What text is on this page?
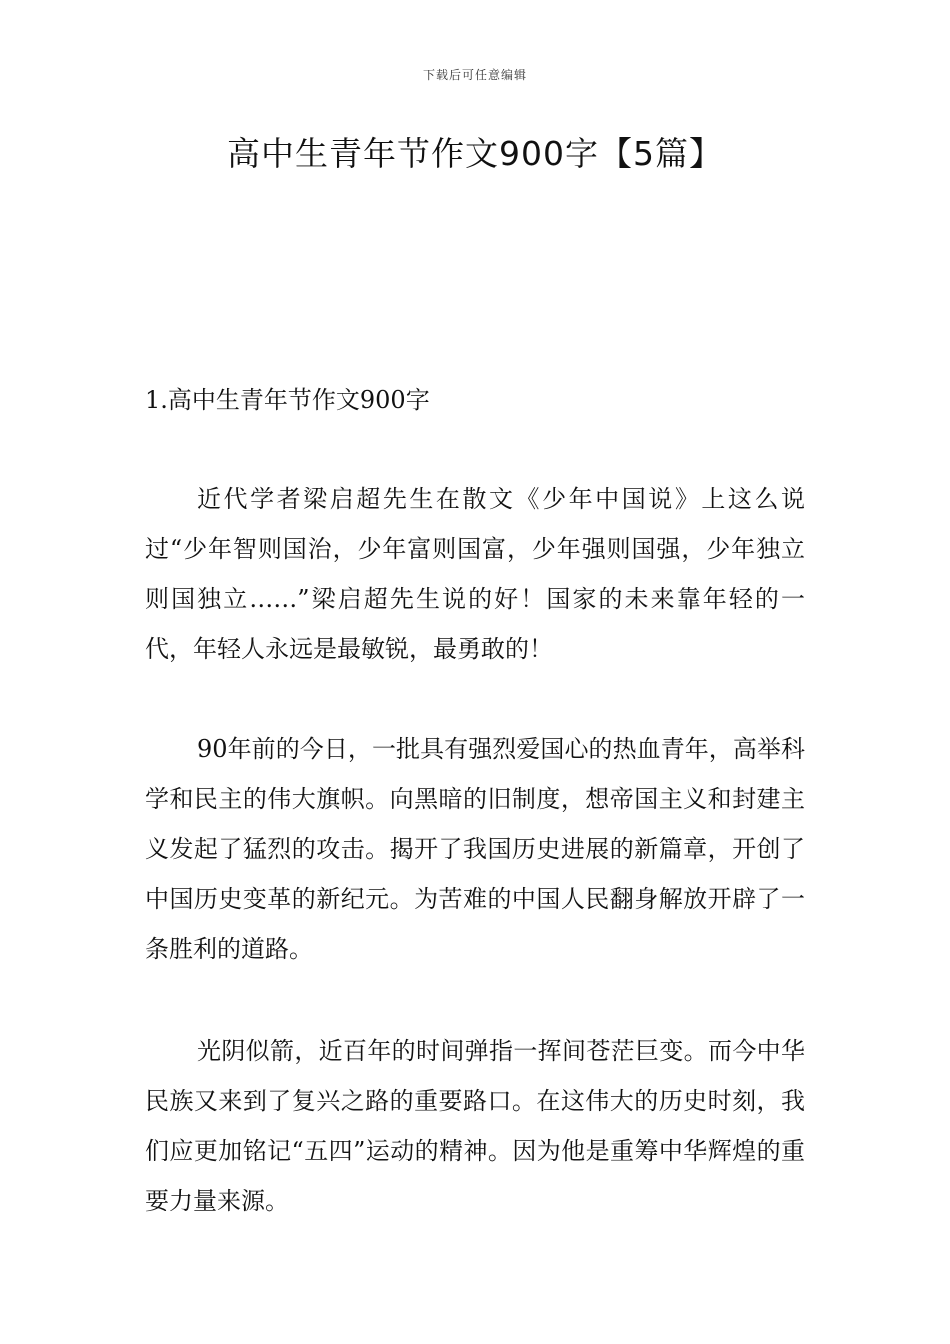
下载后可任意编辑
高中生青年节作文900字【5篇】
1.高中生青年节作文900字

近代学者梁启超先生在散文《少年中国说》上这么说过“少年智则国治，少年富则国富，少年强则国强，少年独立则国独立……”梁启超先生说的好！国家的未来靠年轻的一代，年轻人永远是最敏锐，最勇敢的！

90年前的今日，一批具有强烈爱国心的热血青年，高举科学和民主的伟大旗帜。向黑暗的旧制度，想帝国主义和封建主义发起了猛烈的攻击。揭开了我国历史进展的新篇章，开创了中国历史变革的新纪元。为苦难的中国人民翻身解放开辟了一条胜利的道路。

光阴似箭，近百年的时间弹指一挥间苍茫巨变。而今中华民族又来到了复兴之路的重要路口。在这伟大的历史时刻，我们应更加铭记“五四”运动的精神。因为他是重筹中华辉煌的重要力量来源。
